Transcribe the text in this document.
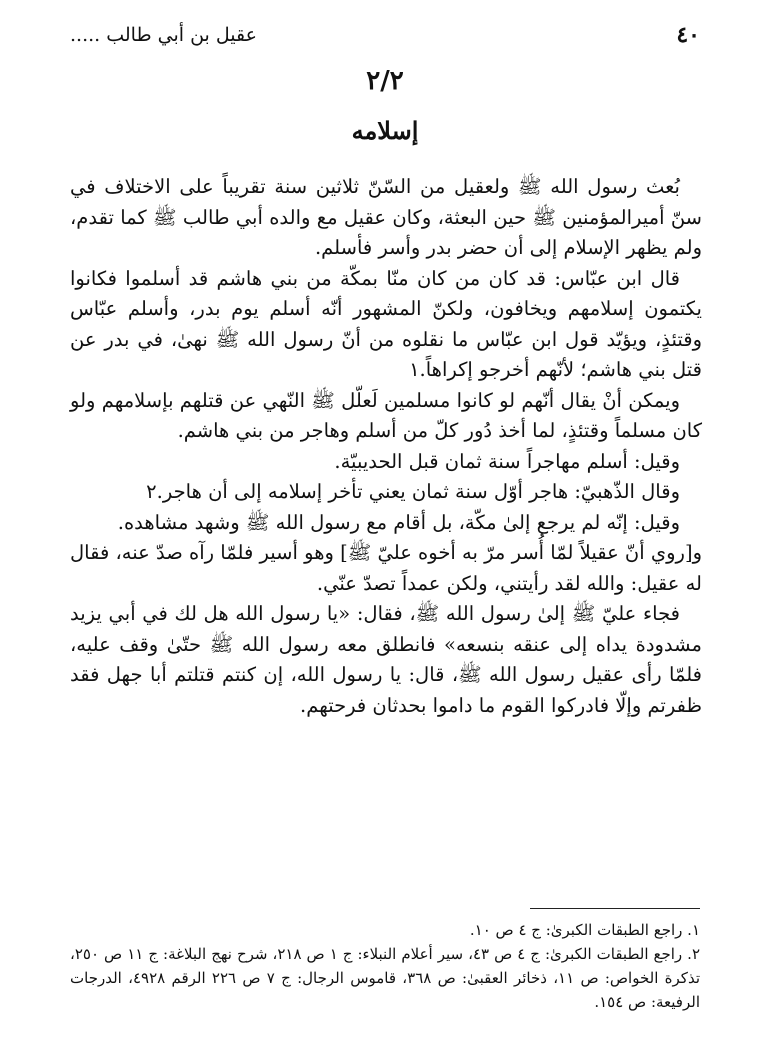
٤٠
عقيل بن أبي طالب .....
٢/٢
إسلامه

بُعث رسول الله ﷺ ولعقيل من السّنّ ثلاثين سنة تقريباً على الاختلاف في سنّ أميرالمؤمنين ﷺ حين البعثة، وكان عقيل مع والده أبي طالب ﷺ كما تقدم، ولم يظهر الإسلام إلى أن حضر بدر وأسر فأسلم.

قال ابن عبّاس: قد كان من كان منّا بمكّة من بني هاشم قد أسلموا فكانوا يكتمون إسلامهم ويخافون، ولكنّ المشهور أنّه أسلم يوم بدر، وأسلم عبّاس وقتئذٍ، ويؤيّد قول ابن عبّاس ما نقلوه من أنّ رسول الله ﷺ نهىٰ، في بدر عن قتل بني هاشم؛ لأنّهم أخرجو إكراهاً.١

ويمكن أنْ يقال أنّهم لو كانوا مسلمين لَعلّل ﷺ النّهي عن قتلهم بإسلامهم ولو كان مسلماً وقتئذٍ، لما أخذ دُور كلّ من أسلم وهاجر من بني هاشم.

وقيل: أسلم مهاجراً سنة ثمان قبل الحديبيّة.

وقال الذّهبيّ: هاجر أوّل سنة ثمان يعني تأخر إسلامه إلى أن هاجر.٢

وقيل: إنّه لم يرجع إلىٰ مكّة، بل أقام مع رسول الله ﷺ وشهد مشاهده.

و[روي أنّ عقيلاً لمّا أُسر مرّ به أخوه عليّ ﷺ] وهو أسير فلمّا رآه صدّ عنه، فقال له عقيل: والله لقد رأيتني، ولكن عمداً تصدّ عنّي.

فجاء عليّ ﷺ إلىٰ رسول الله ﷺ، فقال: «يا رسول الله هل لك في أبي يزيد مشدودة يداه إلى عنقه بنسعه» فانطلق معه رسول الله ﷺ حتّىٰ وقف عليه، فلمّا رأى عقيل رسول الله ﷺ، قال: يا رسول الله، إن كنتم قتلتم أبا جهل فقد ظفرتم وإلّا فادركوا القوم ما داموا بحدثان فرحتهم.

١. راجع الطبقات الكبرىٰ: ج ٤ ص ١٠.

٢. راجع الطبقات الكبرىٰ: ج ٤ ص ٤٣، سير أعلام النبلاء: ج ١ ص ٢١٨، شرح نهج البلاغة: ج ١١ ص ٢٥٠، تذكرة الخواص: ص ١١، ذخائر العقبىٰ: ص ٣٦٨، قاموس الرجال: ج ٧ ص ٢٢٦ الرقم ٤٩٢٨، الدرجات الرفيعة: ص ١٥٤.
